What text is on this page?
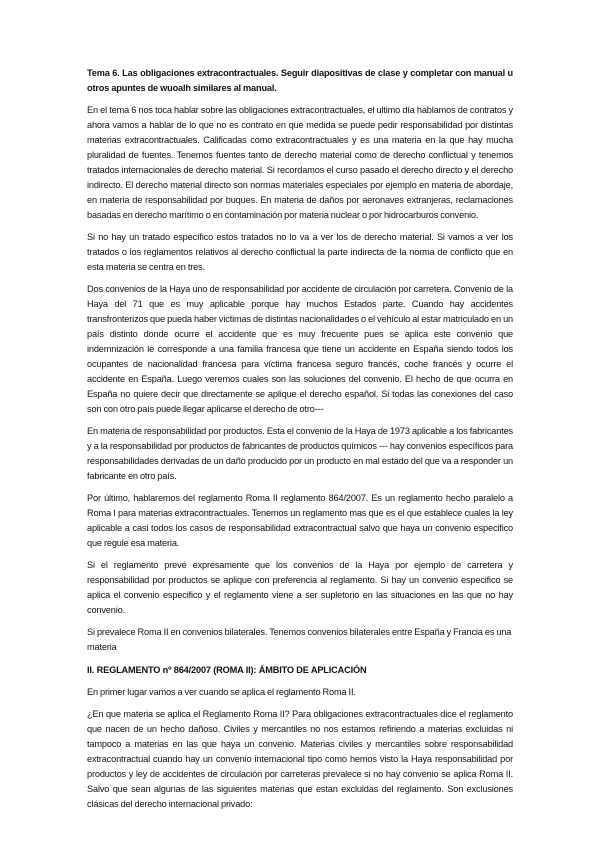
Tema 6. Las obligaciones extracontractuales. Seguir diapositivas de clase y completar con manual u otros apuntes de wuoalh similares al manual.

En el tema 6 nos toca hablar sobre las obligaciones extracontractuales, el ultimo día hablamos de contratos y ahora vamos a hablar de lo que no es contrato en que medida se puede pedir responsabilidad por distintas materias extracontractuales. Calificadas como extracontractuales y es una materia en la que hay mucha pluralidad de fuentes. Tenemos fuentes tanto de derecho material como de derecho conflictual y tenemos tratados internacionales de derecho material. Si recordamos el curso pasado el derecho directo y el derecho indirecto. El derecho material directo son normas materiales especiales por ejemplo en materia de abordaje, en materia de responsabilidad por buques. En materia de daños por aeronaves extranjeras, reclamaciones basadas en derecho marítimo o en contaminación por materia nuclear o por hidrocarburos convenio.

Si no hay un tratado específico estos tratados no lo va a ver los de derecho material. Si vamos a ver los tratados o los reglamentos relativos al derecho conflictual la parte indirecta de la norma de conflicto que en esta materia se centra en tres.

Dos convenios de la Haya uno de responsabilidad por accidente de circulación por carretera. Convenio de la Haya del 71 que es muy aplicable porque hay muchos Estados parte. Cuando hay accidentes transfronterizos que pueda haber victimas de distintas nacionalidades o el vehículo al estar matriculado en un país distinto donde ocurre el accidente que es muy frecuente pues se aplica este convenio que indemnización le corresponde a una familia francesa que tiene un accidente en España siendo todos los ocupantes de nacionalidad francesa para víctima francesa seguro francés, coche francés y ocurre el accidente en España. Luego veremos cuales son las soluciones del convenio. El hecho de que ocurra en España no quiere decir que directamente se aplique el derecho español. Si todas las conexiones del caso son con otro país puede llegar aplicarse el derecho de otro---

En materia de responsabilidad por productos. Esta el convenio de la Haya de 1973 aplicable a los fabricantes y a la responsabilidad por productos de fabricantes de productos químicos --- hay convenios específicos para responsabilidades derivadas de un daño producido por un producto en mal estado del que va a responder un fabricante en otro país.

Por último, hablaremos del reglamento Roma II reglamento 864/2007. Es un reglamento hecho paralelo a Roma I para materias extracontractuales. Tenemos un reglamento mas que es el que establece cuales la ley aplicable a casi todos los casos de responsabilidad extracontractual salvo que haya un convenio especifico que regule esa materia.

Si el reglamento prevé expresamente que los convenios de la Haya por ejemplo de carretera y responsabilidad por productos se aplique con preferencia al reglamento. Si hay un convenio especifico se aplica el convenio especifico y el reglamento viene a ser supletorio en las situaciones en las que no hay convenio.

Si prevalece Roma II en convenios bilaterales. Tenemos convenios bilaterales entre España y Francia es una materia

II. REGLAMENTO nº 864/2007 (ROMA II): ÁMBITO DE APLICACIÓN

En primer lugar vamos a ver cuando se aplica el reglamento Roma II.

¿En que materia se aplica el Reglamento Roma II? Para obligaciones extracontractuales dice el reglamento que nacen de un hecho dañoso. Civiles y mercantiles no nos estamos refiriendo a materias excluidas ni tampoco a materias en las que haya un convenio. Materias civiles y mercantiles sobre responsabilidad extracontractual cuando hay un convenio internacional tipo como hemos visto la Haya responsabilidad por productos y ley de accidentes de circulación por carreteras prevalece si no hay convenio se aplica Roma II. Salvo que sean algunas de las siguientes materias que estan excluidas del reglamento. Son exclusiones clásicas del derecho internacional privado:
